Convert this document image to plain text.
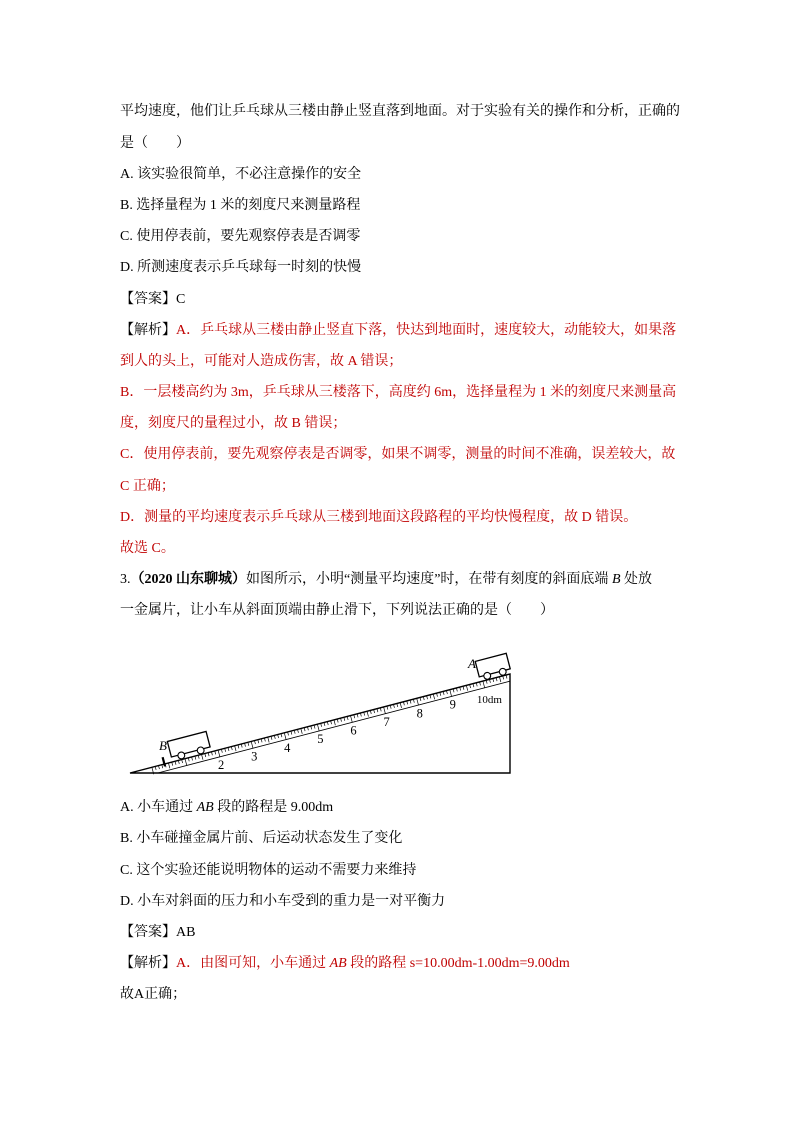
平均速度，他们让乒乓球从三楼由静止竖直落到地面。对于实验有关的操作和分析，正确的
是（　　）
A. 该实验很简单，不必注意操作的安全
B. 选择量程为 1 米的刻度尺来测量路程
C. 使用停表前，要先观察停表是否调零
D. 所测速度表示乒乓球每一时刻的快慢
【答案】C
【解析】A．乒乓球从三楼由静止竖直下落，快达到地面时，速度较大，动能较大，如果落
到人的头上，可能对人造成伤害，故 A 错误；
B．一层楼高约为 3m，乒乓球从三楼落下，高度约 6m，选择量程为 1 米的刻度尺来测量高
度，刻度尺的量程过小，故 B 错误；
C．使用停表前，要先观察停表是否调零，如果不调零，测量的时间不准确，误差较大，故
C 正确；
D．测量的平均速度表示乒乓球从三楼到地面这段路程的平均快慢程度，故 D 错误。
故选 C。
3.（2020 山东聊城）如图所示，小明“测量平均速度”时，在带有刻度的斜面底端 B 处放
一金属片，让小车从斜面顶端由静止滑下，下列说法正确的是（　　）
2
3
4
5
6
7
8
9 10dm
B
A
A. 小车通过 AB 段的路程是 9.00dm
B. 小车碰撞金属片前、后运动状态发生了变化
C. 这个实验还能说明物体的运动不需要力来维持
D. 小车对斜面的压力和小车受到的重力是一对平衡力
【答案】AB
【解析】A．由图可知，小车通过 AB 段的路程 s=10.00dm-1.00dm=9.00dm
故A正确；
